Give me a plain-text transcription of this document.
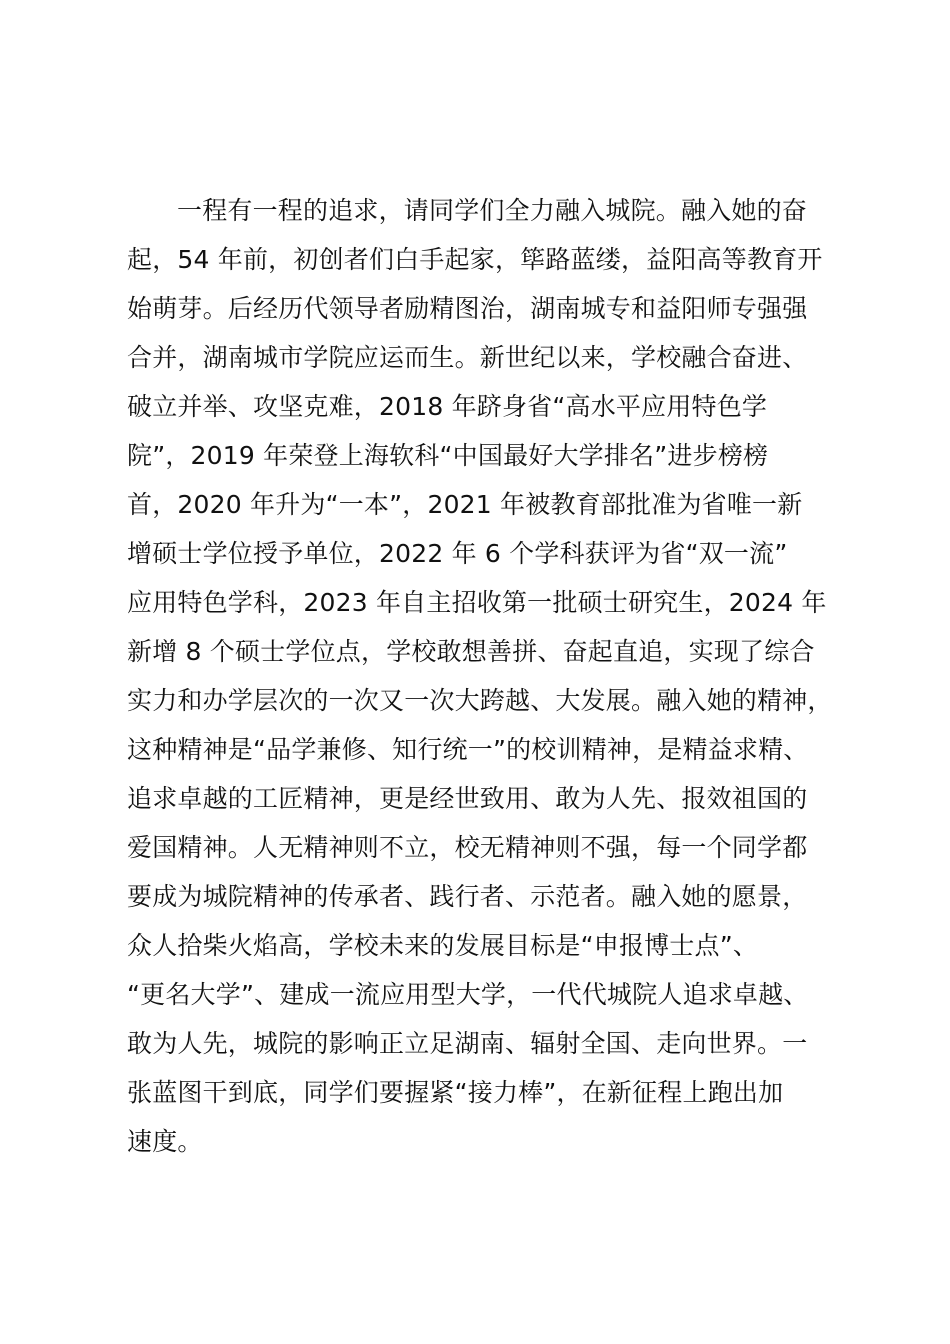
一程有一程的追求，请同学们全力融入城院。融入她的奋
起，54 年前，初创者们白手起家，筚路蓝缕，益阳高等教育开
始萌芽。后经历代领导者励精图治，湖南城专和益阳师专强强
合并，湖南城市学院应运而生。新世纪以来，学校融合奋进、
破立并举、攻坚克难，2018 年跻身省“高水平应用特色学
院”，2019 年荣登上海软科“中国最好大学排名”进步榜榜
首，2020 年升为“一本”，2021 年被教育部批准为省唯一新
增硕士学位授予单位，2022 年 6 个学科获评为省“双一流”
应用特色学科，2023 年自主招收第一批硕士研究生，2024 年
新增 8 个硕士学位点，学校敢想善拼、奋起直追，实现了综合
实力和办学层次的一次又一次大跨越、大发展。融入她的精神，
这种精神是“品学兼修、知行统一”的校训精神，是精益求精、
追求卓越的工匠精神，更是经世致用、敢为人先、报效祖国的
爱国精神。人无精神则不立，校无精神则不强，每一个同学都
要成为城院精神的传承者、践行者、示范者。融入她的愿景，
众人拾柴火焰高，学校未来的发展目标是“申报博士点”、
“更名大学”、建成一流应用型大学，一代代城院人追求卓越、
敢为人先，城院的影响正立足湖南、辐射全国、走向世界。一
张蓝图干到底，同学们要握紧“接力棒”，在新征程上跑出加
速度。
